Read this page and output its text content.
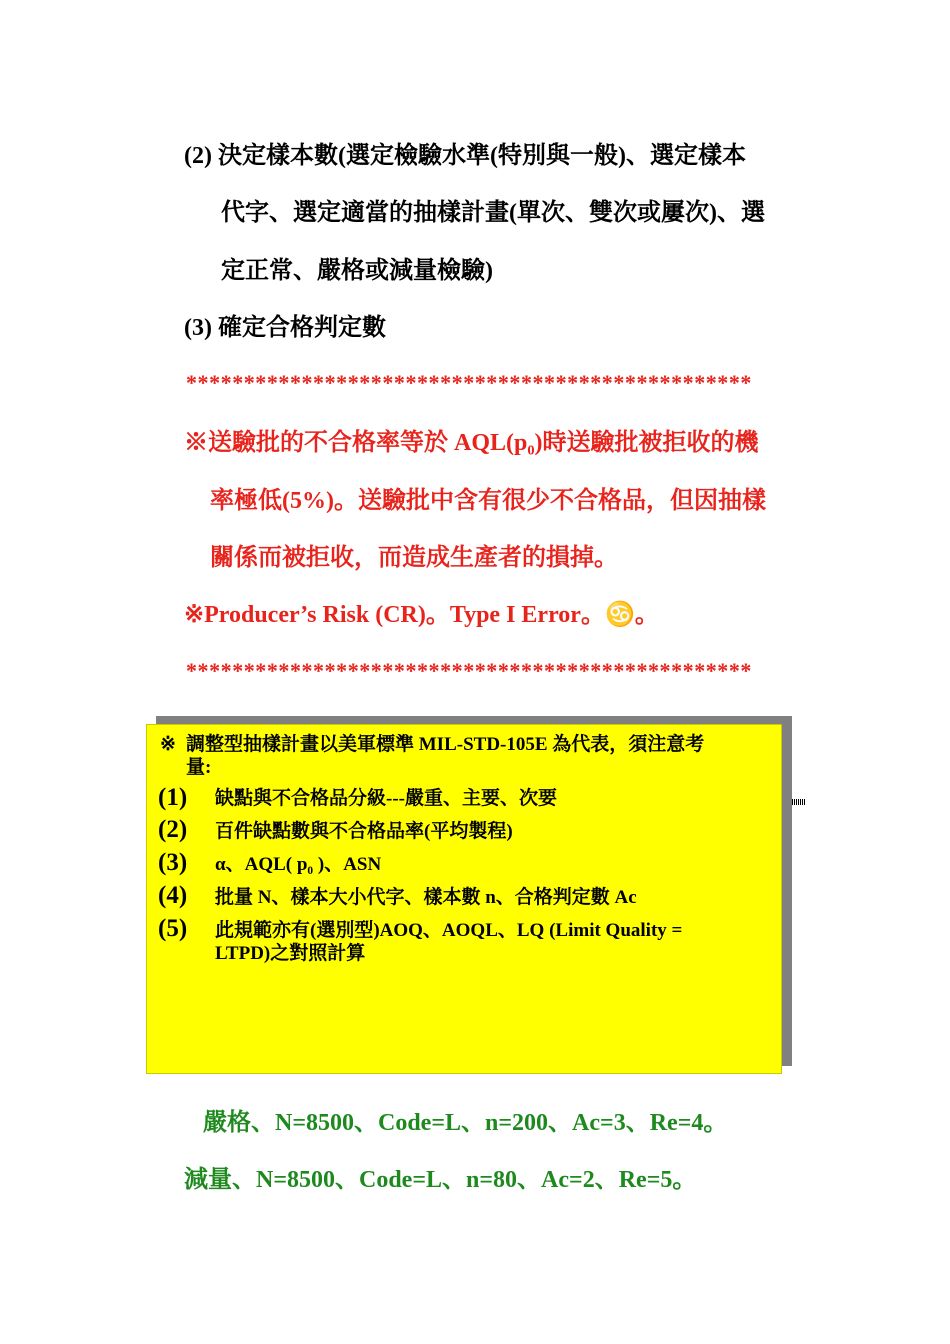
(2) 決定樣本數(選定檢驗水準(特別與一般)、選定樣本
代字、選定適當的抽樣計畫(單次、雙次或屢次)、選
定正常、嚴格或減量檢驗)
(3) 確定合格判定數
*************************************************
※送驗批的不合格率等於 AQL(p₀)時送驗批被拒收的機
率極低(5%)。送驗批中含有很少不合格品，但因抽樣
關係而被拒收，而造成生產者的損掉。
※Producer’s Risk (CR)。Type I Error。♋。
*************************************************
※ 調整型抽樣計畫以美軍標準 MIL-STD-105E 為代表，須注意考
量:
(1) 缺點與不合格品分級---嚴重、主要、次要
(2) 百件缺點數與不合格品率(平均製程)
(3) α、AQL( p₀ )、ASN
(4) 批量 N、樣本大小代字、樣本數 n、合格判定數 Ac
(5) 此規範亦有(選別型)AOQ、AOQL、LQ (Limit Quality =
LTPD)之對照計算
嚴格、N=8500、Code=L、n=200、Ac=3、Re=4。
減量、N=8500、Code=L、n=80、Ac=2、Re=5。
